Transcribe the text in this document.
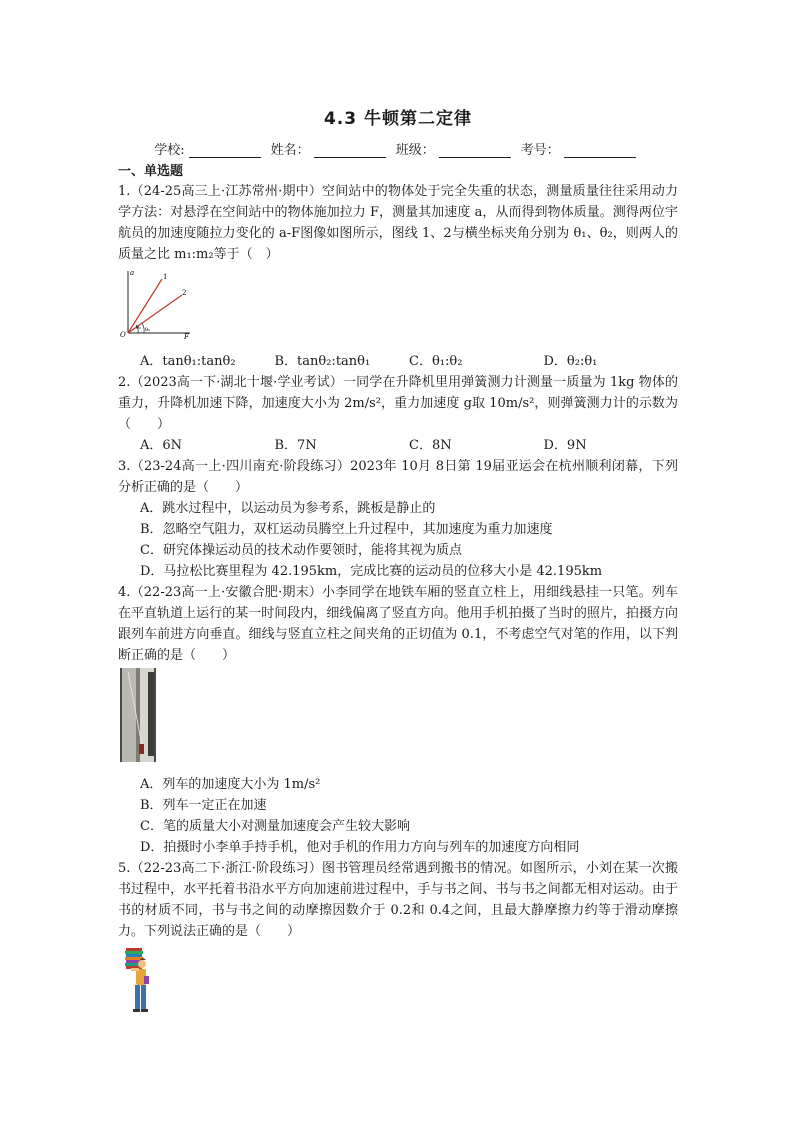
4.3 牛顿第二定律
学校:	姓名：	班级：	考号：
一、单选题

1.（24-25高三上·江苏常州·期中）空间站中的物体处于完全失重的状态，测量质量往往采用动力学方法：对悬浮在空间站中的物体施加拉力 F，测量其加速度 a，从而得到物体质量。测得两位宇航员的加速度随拉力变化的 a-F图像如图所示，图线 1、2与横坐标夹角分别为 θ₁、θ₂，则两人的质量之比 m₁:m₂等于（　）

a
F
O
1
2
θ₁ θ₂
A．tanθ₁:tanθ₂	B．tanθ₂:tanθ₁	C．θ₁:θ₂	D．θ₂:θ₁

2.（2023高一下·湖北十堰·学业考试）一同学在升降机里用弹簧测力计测量一质量为 1kg 物体的重力，升降机加速下降，加速度大小为 2m/s²，重力加速度 g取 10m/s²，则弹簧测力计的示数为（　　）

A．6N	B．7N	C．8N	D．9N

3.（23-24高一上·四川南充·阶段练习）2023年 10月 8日第 19届亚运会在杭州顺利闭幕，下列分析正确的是（　　）

A．跳水过程中，以运动员为参考系，跳板是静止的
B．忽略空气阻力，双杠运动员腾空上升过程中，其加速度为重力加速度
C．研究体操运动员的技术动作要领时，能将其视为质点
D．马拉松比赛里程为 42.195km，完成比赛的运动员的位移大小是 42.195km

4.（22-23高一上·安徽合肥·期末）小李同学在地铁车厢的竖直立柱上，用细线悬挂一只笔。列车在平直轨道上运行的某一时间段内，细线偏离了竖直方向。他用手机拍摄了当时的照片，拍摄方向跟列车前进方向垂直。细线与竖直立柱之间夹角的正切值为 0.1，不考虑空气对笔的作用，以下判断正确的是（　　）

A．列车的加速度大小为 1m/s²
B．列车一定正在加速
C．笔的质量大小对测量加速度会产生较大影响
D．拍摄时小李单手持手机，他对手机的作用力方向与列车的加速度方向相同

5.（22-23高二下·浙江·阶段练习）图书管理员经常遇到搬书的情况。如图所示，小刘在某一次搬书过程中，水平托着书沿水平方向加速前进过程中，手与书之间、书与书之间都无相对运动。由于书的材质不同，书与书之间的动摩擦因数介于 0.2和 0.4之间，且最大静摩擦力约等于滑动摩擦力。下列说法正确的是（　　）
